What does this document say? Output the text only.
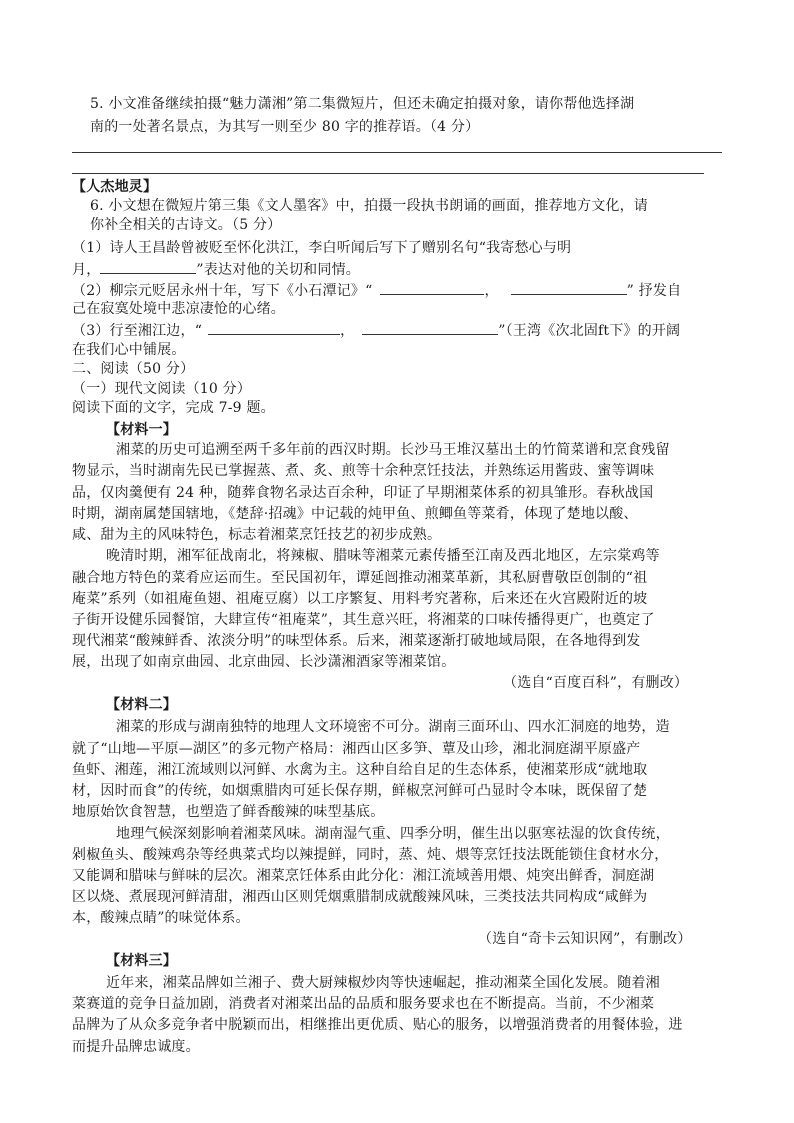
5. 小文准备继续拍摄“魅力潇湘”第二集微短片，但还未确定拍摄对象，请你帮他选择湖
南的一处著名景点，为其写一则至少 80 字的推荐语。（4 分）
【人杰地灵】
6. 小文想在微短片第三集《文人墨客》中，拍摄一段执书朗诵的画面，推荐地方文化，请
你补全相关的古诗文。（5 分）
（1）诗人王昌龄曾被贬至怀化洪江，李白听闻后写下了赠别名句“我寄愁心与明
月，	”表达对他的关切和同情。
（2）柳宗元贬居永州十年，写下《小石潭记》“	，	” 抒发自
己在寂寞处境中悲凉凄怆的心绪。
（3）行至湘江边，“	，	”（王湾《次北固ft下》的开阔
在我们心中铺展。
二、阅读（50 分）
（一）现代文阅读（10 分）
阅读下面的文字，完成 7-9 题。
【材料一】
湘菜的历史可追溯至两千多年前的西汉时期。长沙马王堆汉墓出土的竹简菜谱和烹食残留
物显示，当时湖南先民已掌握蒸、煮、炙、煎等十余种烹饪技法，并熟练运用酱豉、蜜等调味
品，仅肉羹便有 24 种，随葬食物名录达百余种，印证了早期湘菜体系的初具雏形。春秋战国
时期，湖南属楚国辖地，《楚辞·招魂》中记载的炖甲鱼、煎鲫鱼等菜肴，体现了楚地以酸、
咸、甜为主的风味特色，标志着湘菜烹饪技艺的初步成熟。
晚清时期，湘军征战南北，将辣椒、腊味等湘菜元素传播至江南及西北地区，左宗棠鸡等
融合地方特色的菜肴应运而生。至民国初年，谭延闿推动湘菜革新，其私厨曹敬臣创制的“祖
庵菜”系列（如祖庵鱼翅、祖庵豆腐）以工序繁复、用料考究著称，后来还在火宫殿附近的坡
子街开设健乐园餐馆，大肆宣传“祖庵菜”，其生意兴旺，将湘菜的口味传播得更广，也奠定了
现代湘菜“酸辣鲜香、浓淡分明”的味型体系。后来，湘菜逐渐打破地域局限，在各地得到发
展，出现了如南京曲园、北京曲园、长沙潇湘酒家等湘菜馆。
（选自“百度百科”，有删改）
【材料二】
湘菜的形成与湖南独特的地理人文环境密不可分。湖南三面环山、四水汇洞庭的地势，造
就了“山地—平原—湖区”的多元物产格局：湘西山区多笋、蕈及山珍，湘北洞庭湖平原盛产
鱼虾、湘莲，湘江流域则以河鲜、水禽为主。这种自给自足的生态体系，使湘菜形成“就地取
材，因时而食”的传统，如烟熏腊肉可延长保存期，鲜椒烹河鲜可凸显时令本味，既保留了楚
地原始饮食智慧，也塑造了鲜香酸辣的味型基底。
地理气候深刻影响着湘菜风味。湖南湿气重、四季分明，催生出以驱寒祛湿的饮食传统，
剁椒鱼头、酸辣鸡杂等经典菜式均以辣提鲜，同时，蒸、炖、煨等烹饪技法既能锁住食材水分，
又能调和腊味与鲜味的层次。湘菜烹饪体系由此分化：湘江流域善用煨、炖突出鲜香，洞庭湖
区以烧、煮展现河鲜清甜，湘西山区则凭烟熏腊制成就酸辣风味，三类技法共同构成“咸鲜为
本，酸辣点睛”的味觉体系。
（选自“奇卡云知识网”，有删改）
【材料三】
近年来，湘菜品牌如兰湘子、费大厨辣椒炒肉等快速崛起，推动湘菜全国化发展。随着湘
菜赛道的竞争日益加剧，消费者对湘菜出品的品质和服务要求也在不断提高。当前，不少湘菜
品牌为了从众多竞争者中脱颖而出，相继推出更优质、贴心的服务，以增强消费者的用餐体验，进
而提升品牌忠诚度。
